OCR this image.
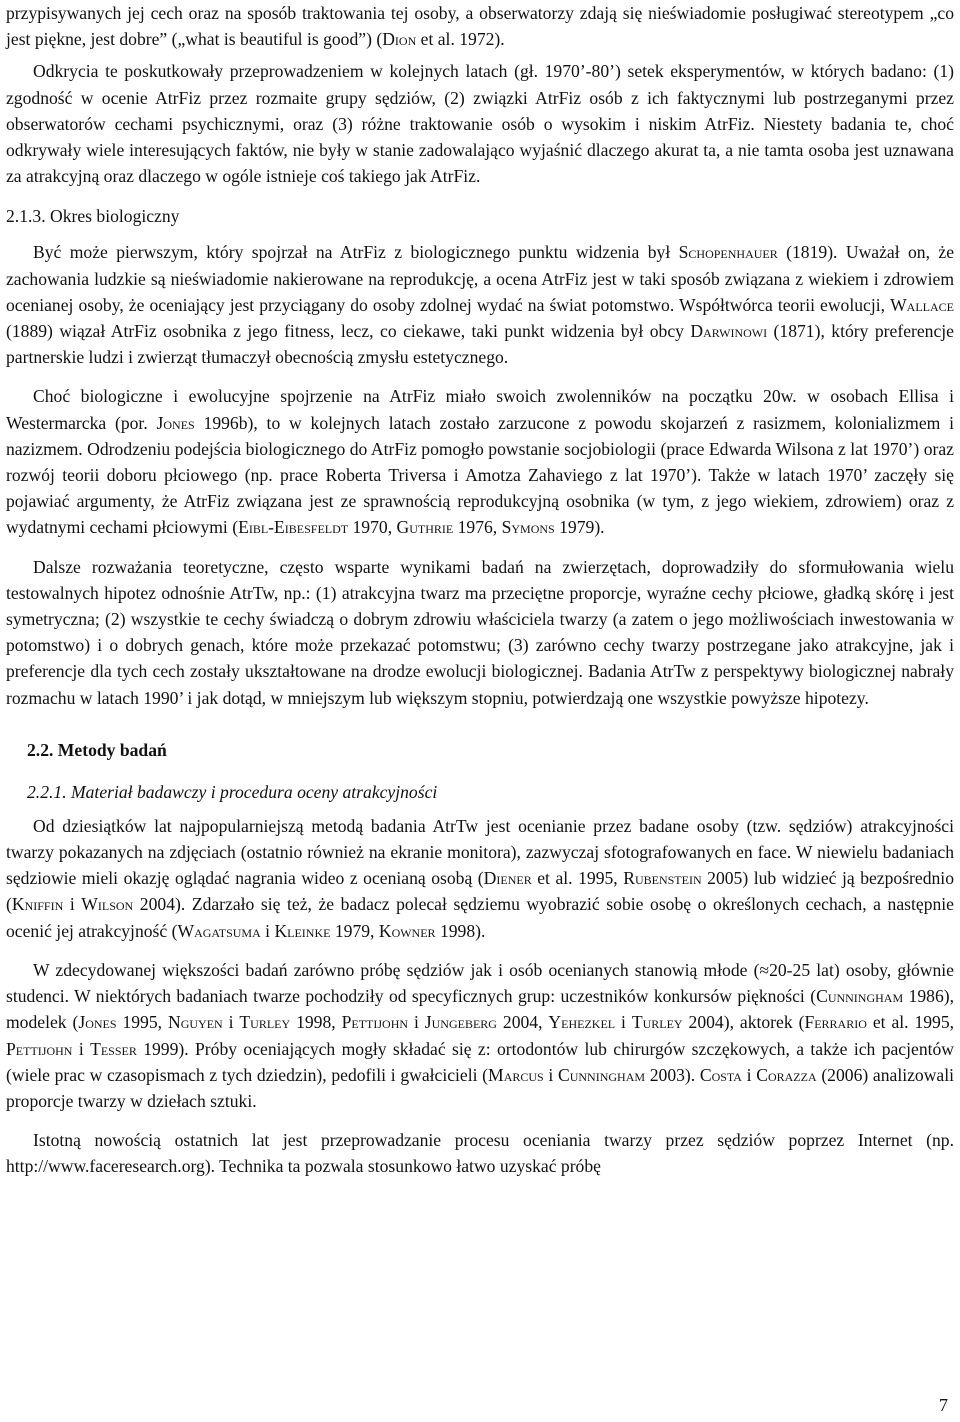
przypisywanych jej cech oraz na sposób traktowania tej osoby, a obserwatorzy zdają się nieświadomie posługiwać stereotypem „co jest piękne, jest dobre” („what is beautiful is good”) (Dion et al. 1972).

Odkrycia te poskutkowały przeprowadzeniem w kolejnych latach (gł. 1970’-80’) setek eksperymentów, w których badano: (1) zgodność w ocenie AtrFiz przez rozmaite grupy sędziów, (2) związki AtrFiz osób z ich faktycznymi lub postrzeganymi przez obserwatorów cechami psychicznymi, oraz (3) różne traktowanie osób o wysokim i niskim AtrFiz. Niestety badania te, choć odkrywały wiele interesujących faktów, nie były w stanie zadowalająco wyjaśnić dlaczego akurat ta, a nie tamta osoba jest uznawana za atrakcyjną oraz dlaczego w ogóle istnieje coś takiego jak AtrFiz.

2.1.3. Okres biologiczny

Być może pierwszym, który spojrzał na AtrFiz z biologicznego punktu widzenia był Schopenhauer (1819). Uważał on, że zachowania ludzkie są nieświadomie nakierowane na reprodukcję, a ocena AtrFiz jest w taki sposób związana z wiekiem i zdrowiem ocenianej osoby, że oceniający jest przyciągany do osoby zdolnej wydać na świat potomstwo. Współtwórca teorii ewolucji, Wallace (1889) wiązał AtrFiz osobnika z jego fitness, lecz, co ciekawe, taki punkt widzenia był obcy Darwinowi (1871), który preferencje partnerskie ludzi i zwierząt tłumaczył obecnością zmysłu estetycznego.

Choć biologiczne i ewolucyjne spojrzenie na AtrFiz miało swoich zwolenników na początku 20w. w osobach Ellisa i Westermarcka (por. Jones 1996b), to w kolejnych latach zostało zarzucone z powodu skojarzeń z rasizmem, kolonializmem i nazizmem. Odrodzeniu podejścia biologicznego do AtrFiz pomogło powstanie socjobiologii (prace Edwarda Wilsona z lat 1970’) oraz rozwój teorii doboru płciowego (np. prace Roberta Triversa i Amotza Zahaviego z lat 1970’). Także w latach 1970’ zaczęły się pojawiać argumenty, że AtrFiz związana jest ze sprawnością reprodukcyjną osobnika (w tym, z jego wiekiem, zdrowiem) oraz z wydatnymi cechami płciowymi (Eibl-Eibesfeldt 1970, Guthrie 1976, Symons 1979).

Dalsze rozważania teoretyczne, często wsparte wynikami badań na zwierzętach, doprowadziły do sformułowania wielu testowalnych hipotez odnośnie AtrTw, np.: (1) atrakcyjna twarz ma przeciętne proporcje, wyraźne cechy płciowe, gładką skórę i jest symetryczna; (2) wszystkie te cechy świadczą o dobrym zdrowiu właściciela twarzy (a zatem o jego możliwościach inwestowania w potomstwo) i o dobrych genach, które może przekazać potomstwu; (3) zarówno cechy twarzy postrzegane jako atrakcyjne, jak i preferencje dla tych cech zostały ukształtowane na drodze ewolucji biologicznej. Badania AtrTw z perspektywy biologicznej nabrały rozmachu w latach 1990’ i jak dotąd, w mniejszym lub większym stopniu, potwierdzają one wszystkie powyższe hipotezy.

2.2. Metody badań
2.2.1. Materiał badawczy i procedura oceny atrakcyjności

Od dziesiątków lat najpopularniejszą metodą badania AtrTw jest ocenianie przez badane osoby (tzw. sędziów) atrakcyjności twarzy pokazanych na zdjęciach (ostatnio również na ekranie monitora), zazwyczaj sfotografowanych en face. W niewielu badaniach sędziowie mieli okazję oglądać nagrania wideo z ocenianą osobą (Diener et al. 1995, Rubenstein 2005) lub widzieć ją bezpośrednio (Kniffin i Wilson 2004). Zdarzało się też, że badacz polecał sędziemu wyobrazić sobie osobę o określonych cechach, a następnie ocenić jej atrakcyjność (Wagatsuma i Kleinke 1979, Kowner 1998).

W zdecydowanej większości badań zarówno próbę sędziów jak i osób ocenianych stanowią młode (≈20-25 lat) osoby, głównie studenci. W niektórych badaniach twarze pochodziły od specyficznych grup: uczestników konkursów piękności (Cunningham 1986), modelek (Jones 1995, Nguyen i Turley 1998, Pettijohn i Jungeberg 2004, Yehezkel i Turley 2004), aktorek (Ferrario et al. 1995, Pettijohn i Tesser 1999). Próby oceniających mogły składać się z: ortodontów lub chirurgów szczękowych, a także ich pacjentów (wiele prac w czasopismach z tych dziedzin), pedofili i gwałcicieli (Marcus i Cunningham 2003). Costa i Corazza (2006) analizowali proporcje twarzy w dziełach sztuki.

Istotną nowością ostatnich lat jest przeprowadzanie procesu oceniania twarzy przez sędziów poprzez Internet (np. http://www.faceresearch.org). Technika ta pozwala stosunkowo łatwo uzyskać próbę

7
